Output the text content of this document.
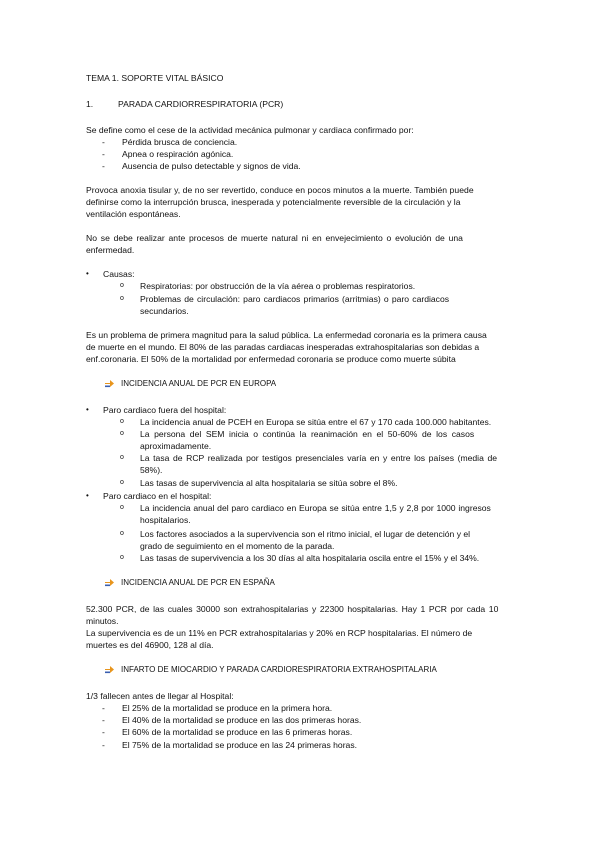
TEMA 1. SOPORTE VITAL BÁSICO
1.	PARADA CARDIORRESPIRATORIA (PCR)
Se define como el cese de la actividad mecánica pulmonar y cardiaca confirmado por:
- Pérdida brusca de conciencia.
- Apnea o respiración agónica.
- Ausencia de pulso detectable y signos de vida.
Provoca anoxia tisular y, de no ser revertido, conduce en pocos minutos a la muerte. También puede
definirse como la interrupción brusca, inesperada y potencialmente reversible de la circulación y la
ventilación espontáneas.
No se debe realizar ante procesos de muerte natural ni en envejecimiento o evolución de una
enfermedad.
• Causas:
o Respiratorias: por obstrucción de la vía aérea o problemas respiratorios.
o Problemas de circulación: paro cardiacos primarios (arritmias) o paro cardiacos
secundarios.
Es un problema de primera magnitud para la salud pública. La enfermedad coronaria es la primera causa
de muerte en el mundo. El 80% de las paradas cardiacas inesperadas extrahospitalarias son debidas a
enf.coronaria. El 50% de la mortalidad por enfermedad coronaria se produce como muerte súbita
INCIDENCIA ANUAL DE PCR EN EUROPA
• Paro cardiaco fuera del hospital:
o La incidencia anual de PCEH en Europa se sitúa entre el 67 y 170 cada 100.000 habitantes.
o La persona del SEM inicia o continúa la reanimación en el 50-60% de los casos
aproximadamente.
o La tasa de RCP realizada por testigos presenciales varía en y entre los países (media de
58%).
o Las tasas de supervivencia al alta hospitalaria se sitúa sobre el 8%.
• Paro cardiaco en el hospital:
o La incidencia anual del paro cardiaco en Europa se sitúa entre 1,5 y 2,8 por 1000 ingresos
hospitalarios.
o Los factores asociados a la supervivencia son el ritmo inicial, el lugar de detención y el
grado de seguimiento en el momento de la parada.
o Las tasas de supervivencia a los 30 días al alta hospitalaria oscila entre el 15% y el 34%.
INCIDENCIA ANUAL DE PCR EN ESPAÑA
52.300 PCR, de las cuales 30000 son extrahospitalarias y 22300 hospitalarias. Hay 1 PCR por cada 10
minutos.
La supervivencia es de un 11% en PCR extrahospitalarias y 20% en RCP hospitalarias. El número de
muertes es del 46900, 128 al día.
INFARTO DE MIOCARDIO Y PARADA CARDIORESPIRATORIA EXTRAHOSPITALARIA
1/3 fallecen antes de llegar al Hospital:
- El 25% de la mortalidad se produce en la primera hora.
- El 40% de la mortalidad se produce en las dos primeras horas.
- El 60% de la mortalidad se produce en las 6 primeras horas.
- El 75% de la mortalidad se produce en las 24 primeras horas.
